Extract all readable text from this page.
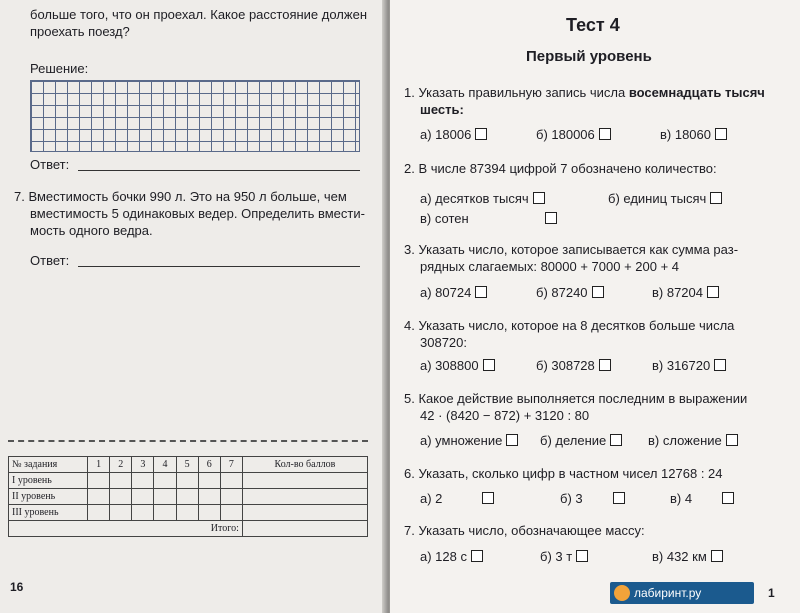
больше того, что он проехал. Какое расстояние должен
проехать поезд?
Решение:
Ответ:
7. Вместимость бочки 990 л. Это на 950 л больше, чем
вместимость 5 одинаковых ведер. Определить вмести-
мость одного ведра.
Ответ:
№ задания	1	2	3	4	5	6	7	Кол-во баллов
I уровень								
II уровень								
III уровень								
Итого:								
16
Тест 4
Первый уровень
1. Указать правильную запись числа восемнадцать тысяч
шесть:
а) 18006	б) 180006	в) 18060
2. В числе 87394 цифрой 7 обозначено количество:
а) десятков тысяч	б) единиц тысяч
в) сотен
3. Указать число, которое записывается как сумма раз-
рядных слагаемых: 80000 + 7000 + 200 + 4
а) 80724	б) 87240	в) 87204
4. Указать число, которое на 8 десятков больше числа
308720:
а) 308800	б) 308728	в) 316720
5. Какое действие выполняется последним в выражении
42 · (8420 − 872) + 3120 : 80
а) умножение	б) деление	в) сложение
6. Указать, сколько цифр в частном чисел 12768 : 24
а) 2	б) 3	в) 4
7. Указать число, обозначающее массу:
а) 128 с	б) 3 т	в) 432 км
лабиринт.ру	1
